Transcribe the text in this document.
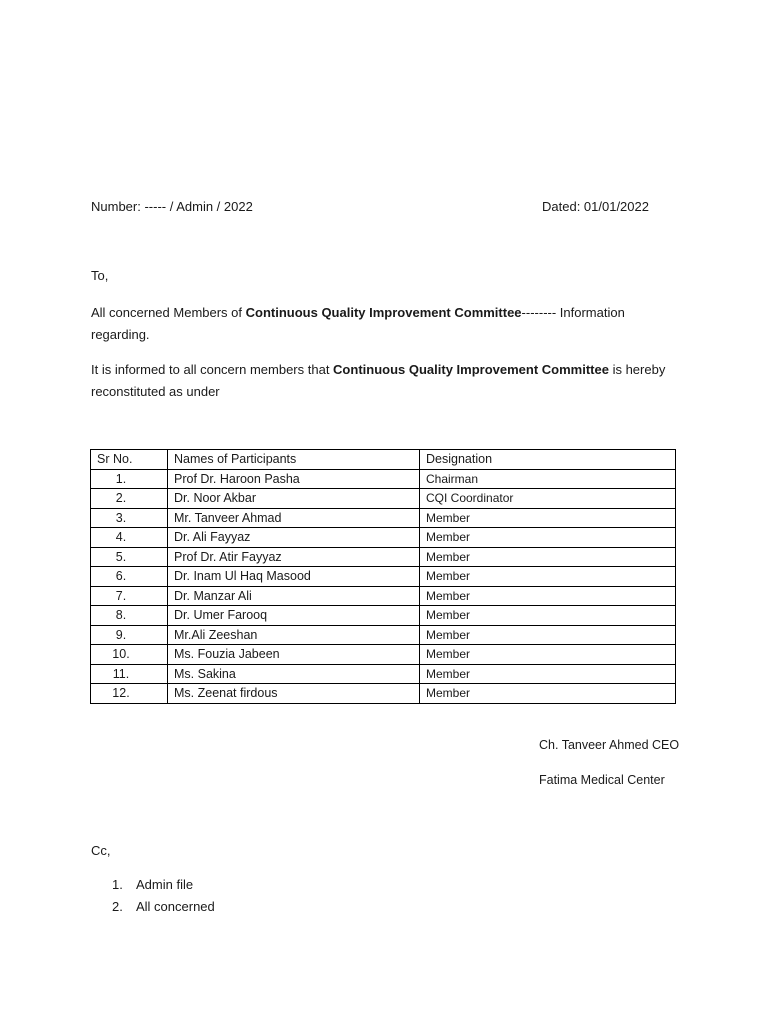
Number: ----- / Admin / 2022	Dated: 01/01/2022
To,
All concerned Members of Continuous Quality Improvement Committee-------- Information regarding.
It is informed to all concern members that Continuous Quality Improvement Committee is hereby reconstituted as under
Sr No.	Names of Participants	Designation
1.	Prof Dr. Haroon Pasha	Chairman
2.	Dr. Noor Akbar	CQI Coordinator
3.	Mr. Tanveer Ahmad	Member
4.	Dr. Ali Fayyaz	Member
5.	Prof Dr. Atir Fayyaz	Member
6.	Dr. Inam Ul Haq Masood	Member
7.	Dr. Manzar Ali	Member
8.	Dr. Umer Farooq	Member
9.	Mr.Ali Zeeshan	Member
10.	Ms. Fouzia Jabeen	Member
11.	Ms. Sakina	Member
12.	Ms. Zeenat firdous	Member
Ch. Tanveer Ahmed CEO
Fatima Medical Center
Cc,
1. Admin file
2. All concerned
